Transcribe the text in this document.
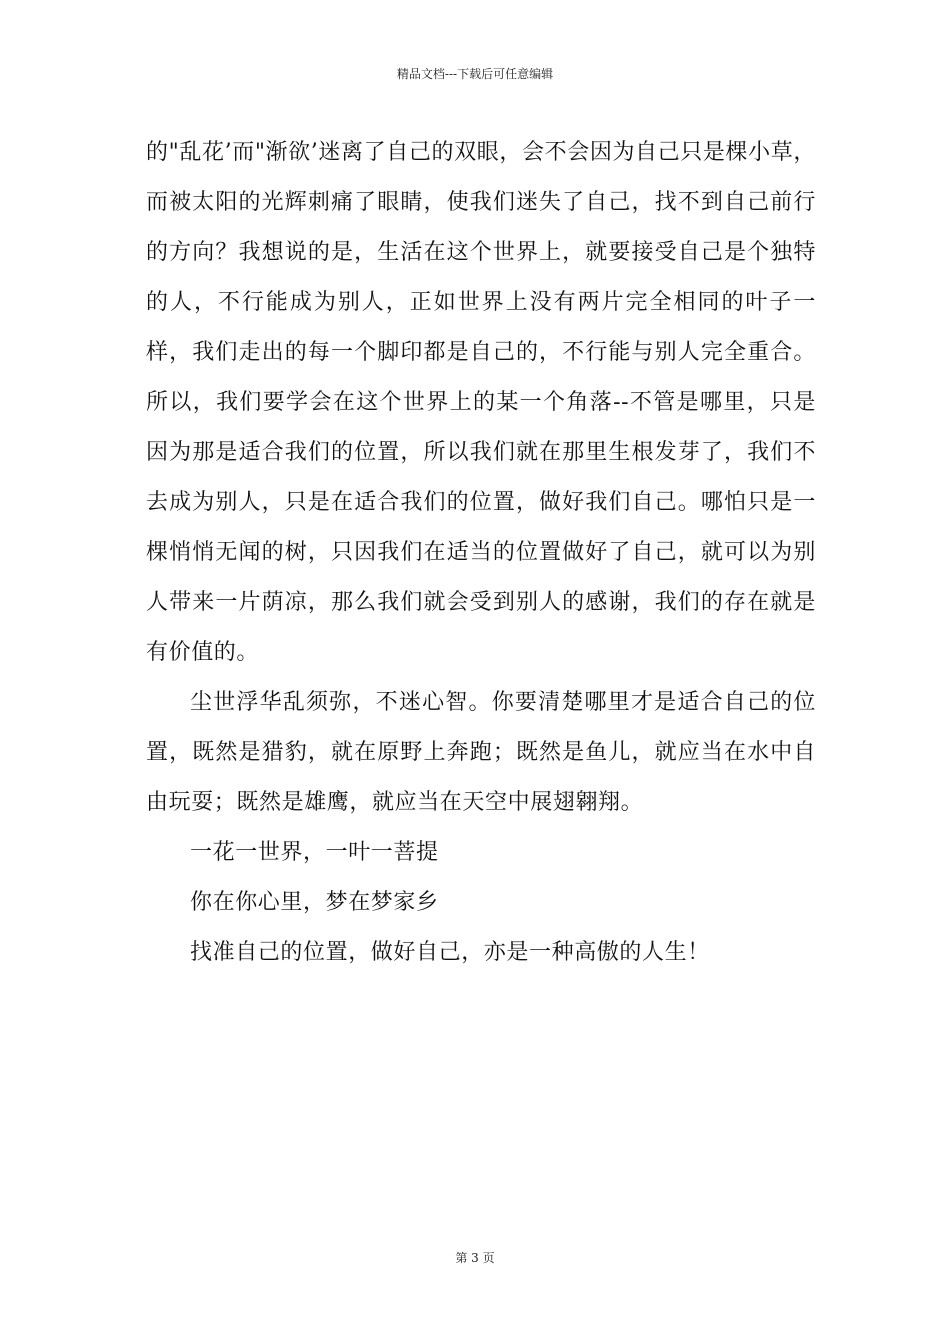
精品文档---下载后可任意编辑

的"乱花’而"渐欲’迷离了自己的双眼，会不会因为自己只是棵小草，而被太阳的光辉刺痛了眼睛，使我们迷失了自己，找不到自己前行的方向？我想说的是，生活在这个世界上，就要接受自己是个独特的人，不行能成为别人，正如世界上没有两片完全相同的叶子一样，我们走出的每一个脚印都是自己的，不行能与别人完全重合。所以，我们要学会在这个世界上的某一个角落--不管是哪里，只是因为那是适合我们的位置，所以我们就在那里生根发芽了，我们不去成为别人，只是在适合我们的位置，做好我们自己。哪怕只是一棵悄悄无闻的树，只因我们在适当的位置做好了自己，就可以为别人带来一片荫凉，那么我们就会受到别人的感谢，我们的存在就是有价值的。

尘世浮华乱须弥，不迷心智。你要清楚哪里才是适合自己的位置，既然是猎豹，就在原野上奔跑；既然是鱼儿，就应当在水中自由玩耍；既然是雄鹰，就应当在天空中展翅翱翔。

一花一世界，一叶一菩提

你在你心里，梦在梦家乡

找准自己的位置，做好自己，亦是一种高傲的人生！

第 3 页
